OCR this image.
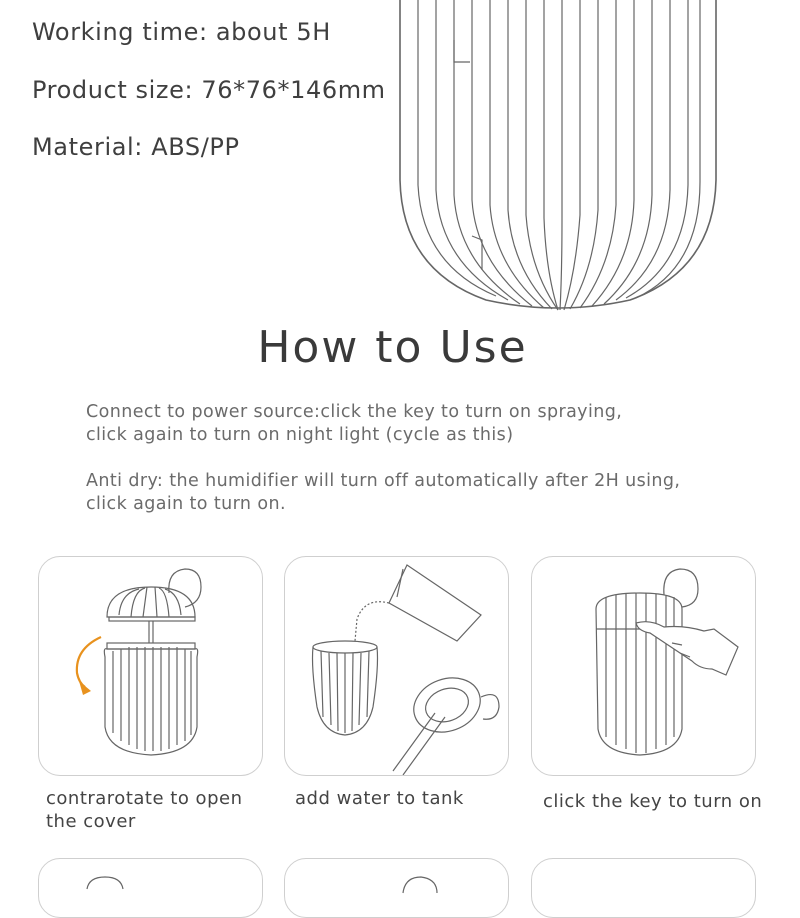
Working time: about 5H
Product size: 76*76*146mm
Material: ABS/PP
How to Use
Connect to power source:click the key to turn on spraying,
click again to turn on night light (cycle as this)
Anti dry: the humidifier will turn off automatically after 2H using,
click again to turn on.
contrarotate to open
the cover
add water to tank	click the key to turn on
